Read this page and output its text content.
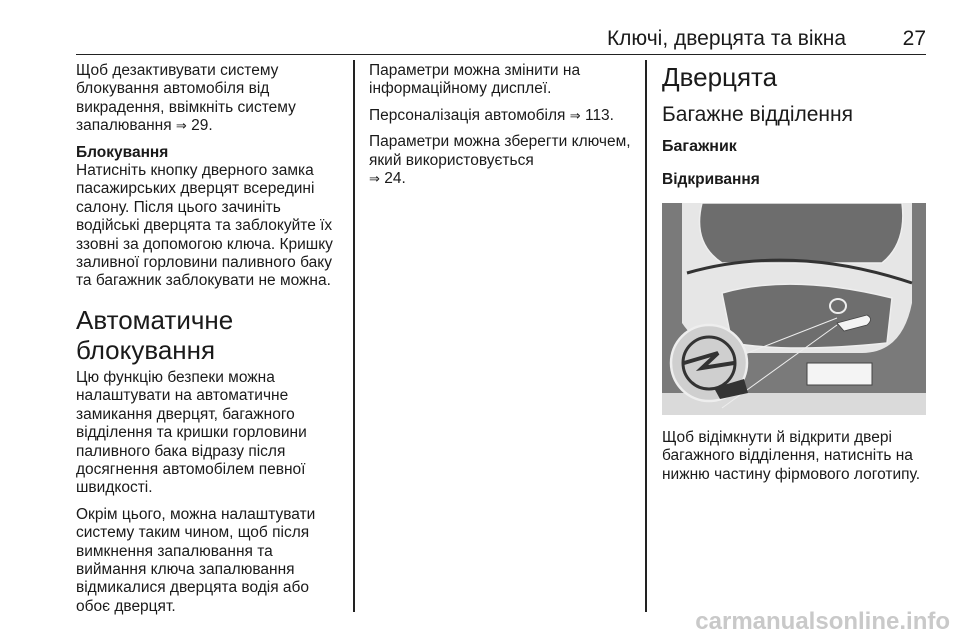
Ключі, дверцята та вікна	27

Щоб дезактивувати систему блокування автомобіля від викрадення, ввімкніть систему запалювання ⇒ 29.

Блокування

Натисніть кнопку дверного замка пасажирських дверцят всередині салону. Після цього зачиніть водійські дверцята та заблокуйте їх ззовні за допомогою ключа. Кришку заливної горловини паливного баку та багажник заблокувати не можна.

Автоматичне блокування

Цю функцію безпеки можна налаштувати на автоматичне замикання дверцят, багажного відділення та кришки горловини паливного бака відразу після досягнення автомобілем певної швидкості.

Окрім цього, можна налаштувати систему таким чином, щоб після вимкнення запалювання та виймання ключа запалювання відмикалися дверцята водія або обоє дверцят.

Параметри можна змінити на інформаційному дисплеї.

Персоналізація автомобіля ⇒ 113.

Параметри можна зберегти ключем, який використовується
⇒ 24.

Дверцята
Багажне відділення
Багажник
Відкривання

Щоб відімкнути й відкрити двері багажного відділення, натисніть на нижню частину фірмового логотипу.

carmanualsonline.info
